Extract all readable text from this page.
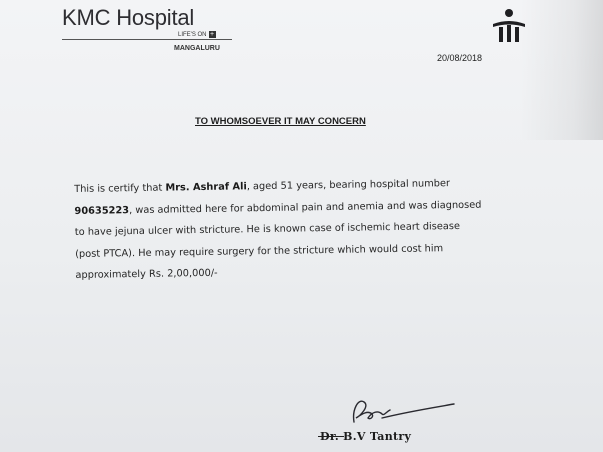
KMC Hospital
LIFE'S ON +
MANGALURU
20/08/2018
TO WHOMSOEVER IT MAY CONCERN
This is certify that Mrs. Ashraf Ali, aged 51 years, bearing hospital number
90635223, was admitted here for abdominal pain and anemia and was diagnosed
to have jejuna ulcer with stricture. He is known case of ischemic heart disease
(post PTCA). He may require surgery for the stricture which would cost him
approximately Rs. 2,00,000/-
Dr. B.V Tantry
